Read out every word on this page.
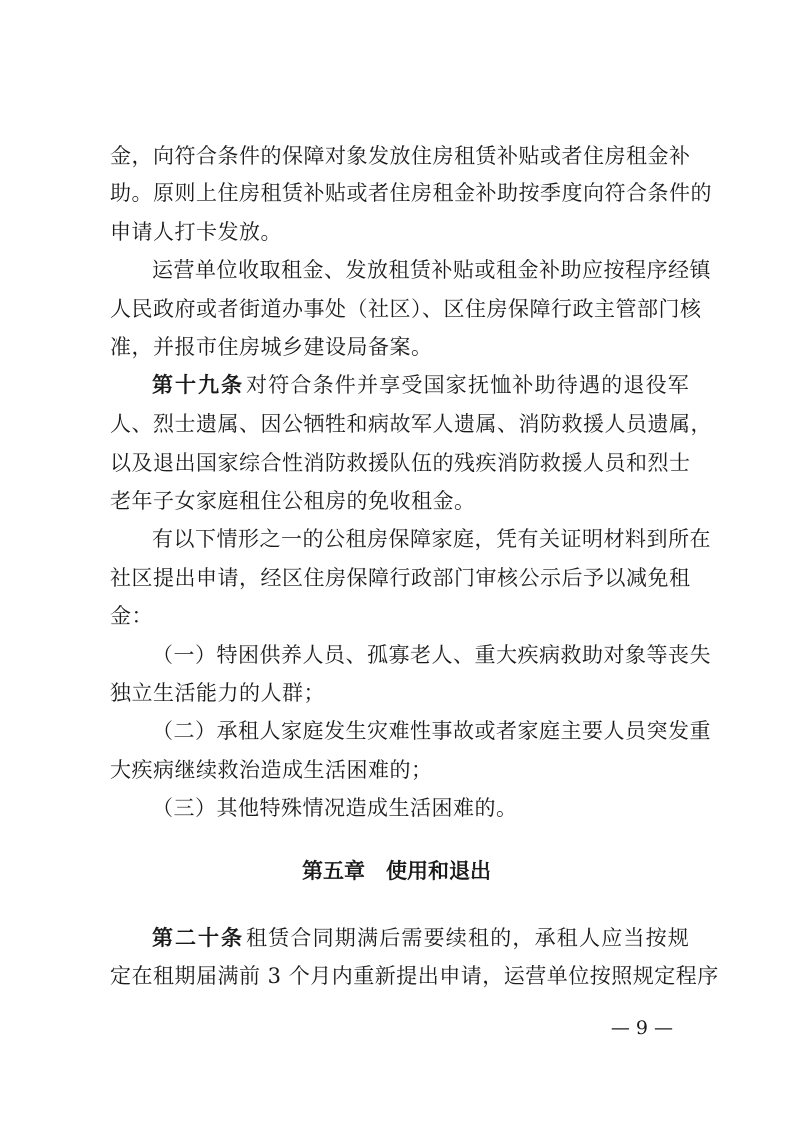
金，向符合条件的保障对象发放住房租赁补贴或者住房租金补
助。原则上住房租赁补贴或者住房租金补助按季度向符合条件的
申请人打卡发放。
运营单位收取租金、发放租赁补贴或租金补助应按程序经镇
人民政府或者街道办事处（社区）、区住房保障行政主管部门核
准，并报市住房城乡建设局备案。
第十九条 对符合条件并享受国家抚恤补助待遇的退役军
人、烈士遗属、因公牺牲和病故军人遗属、消防救援人员遗属，
以及退出国家综合性消防救援队伍的残疾消防救援人员和烈士
老年子女家庭租住公租房的免收租金。
有以下情形之一的公租房保障家庭，凭有关证明材料到所在
社区提出申请，经区住房保障行政部门审核公示后予以减免租
金：
（一）特困供养人员、孤寡老人、重大疾病救助对象等丧失
独立生活能力的人群；
（二）承租人家庭发生灾难性事故或者家庭主要人员突发重
大疾病继续救治造成生活困难的；
（三）其他特殊情况造成生活困难的。
第五章　使用和退出
第二十条 租赁合同期满后需要续租的，承租人应当按规
定在租期届满前 3 个月内重新提出申请，运营单位按照规定程序
— 9 —
